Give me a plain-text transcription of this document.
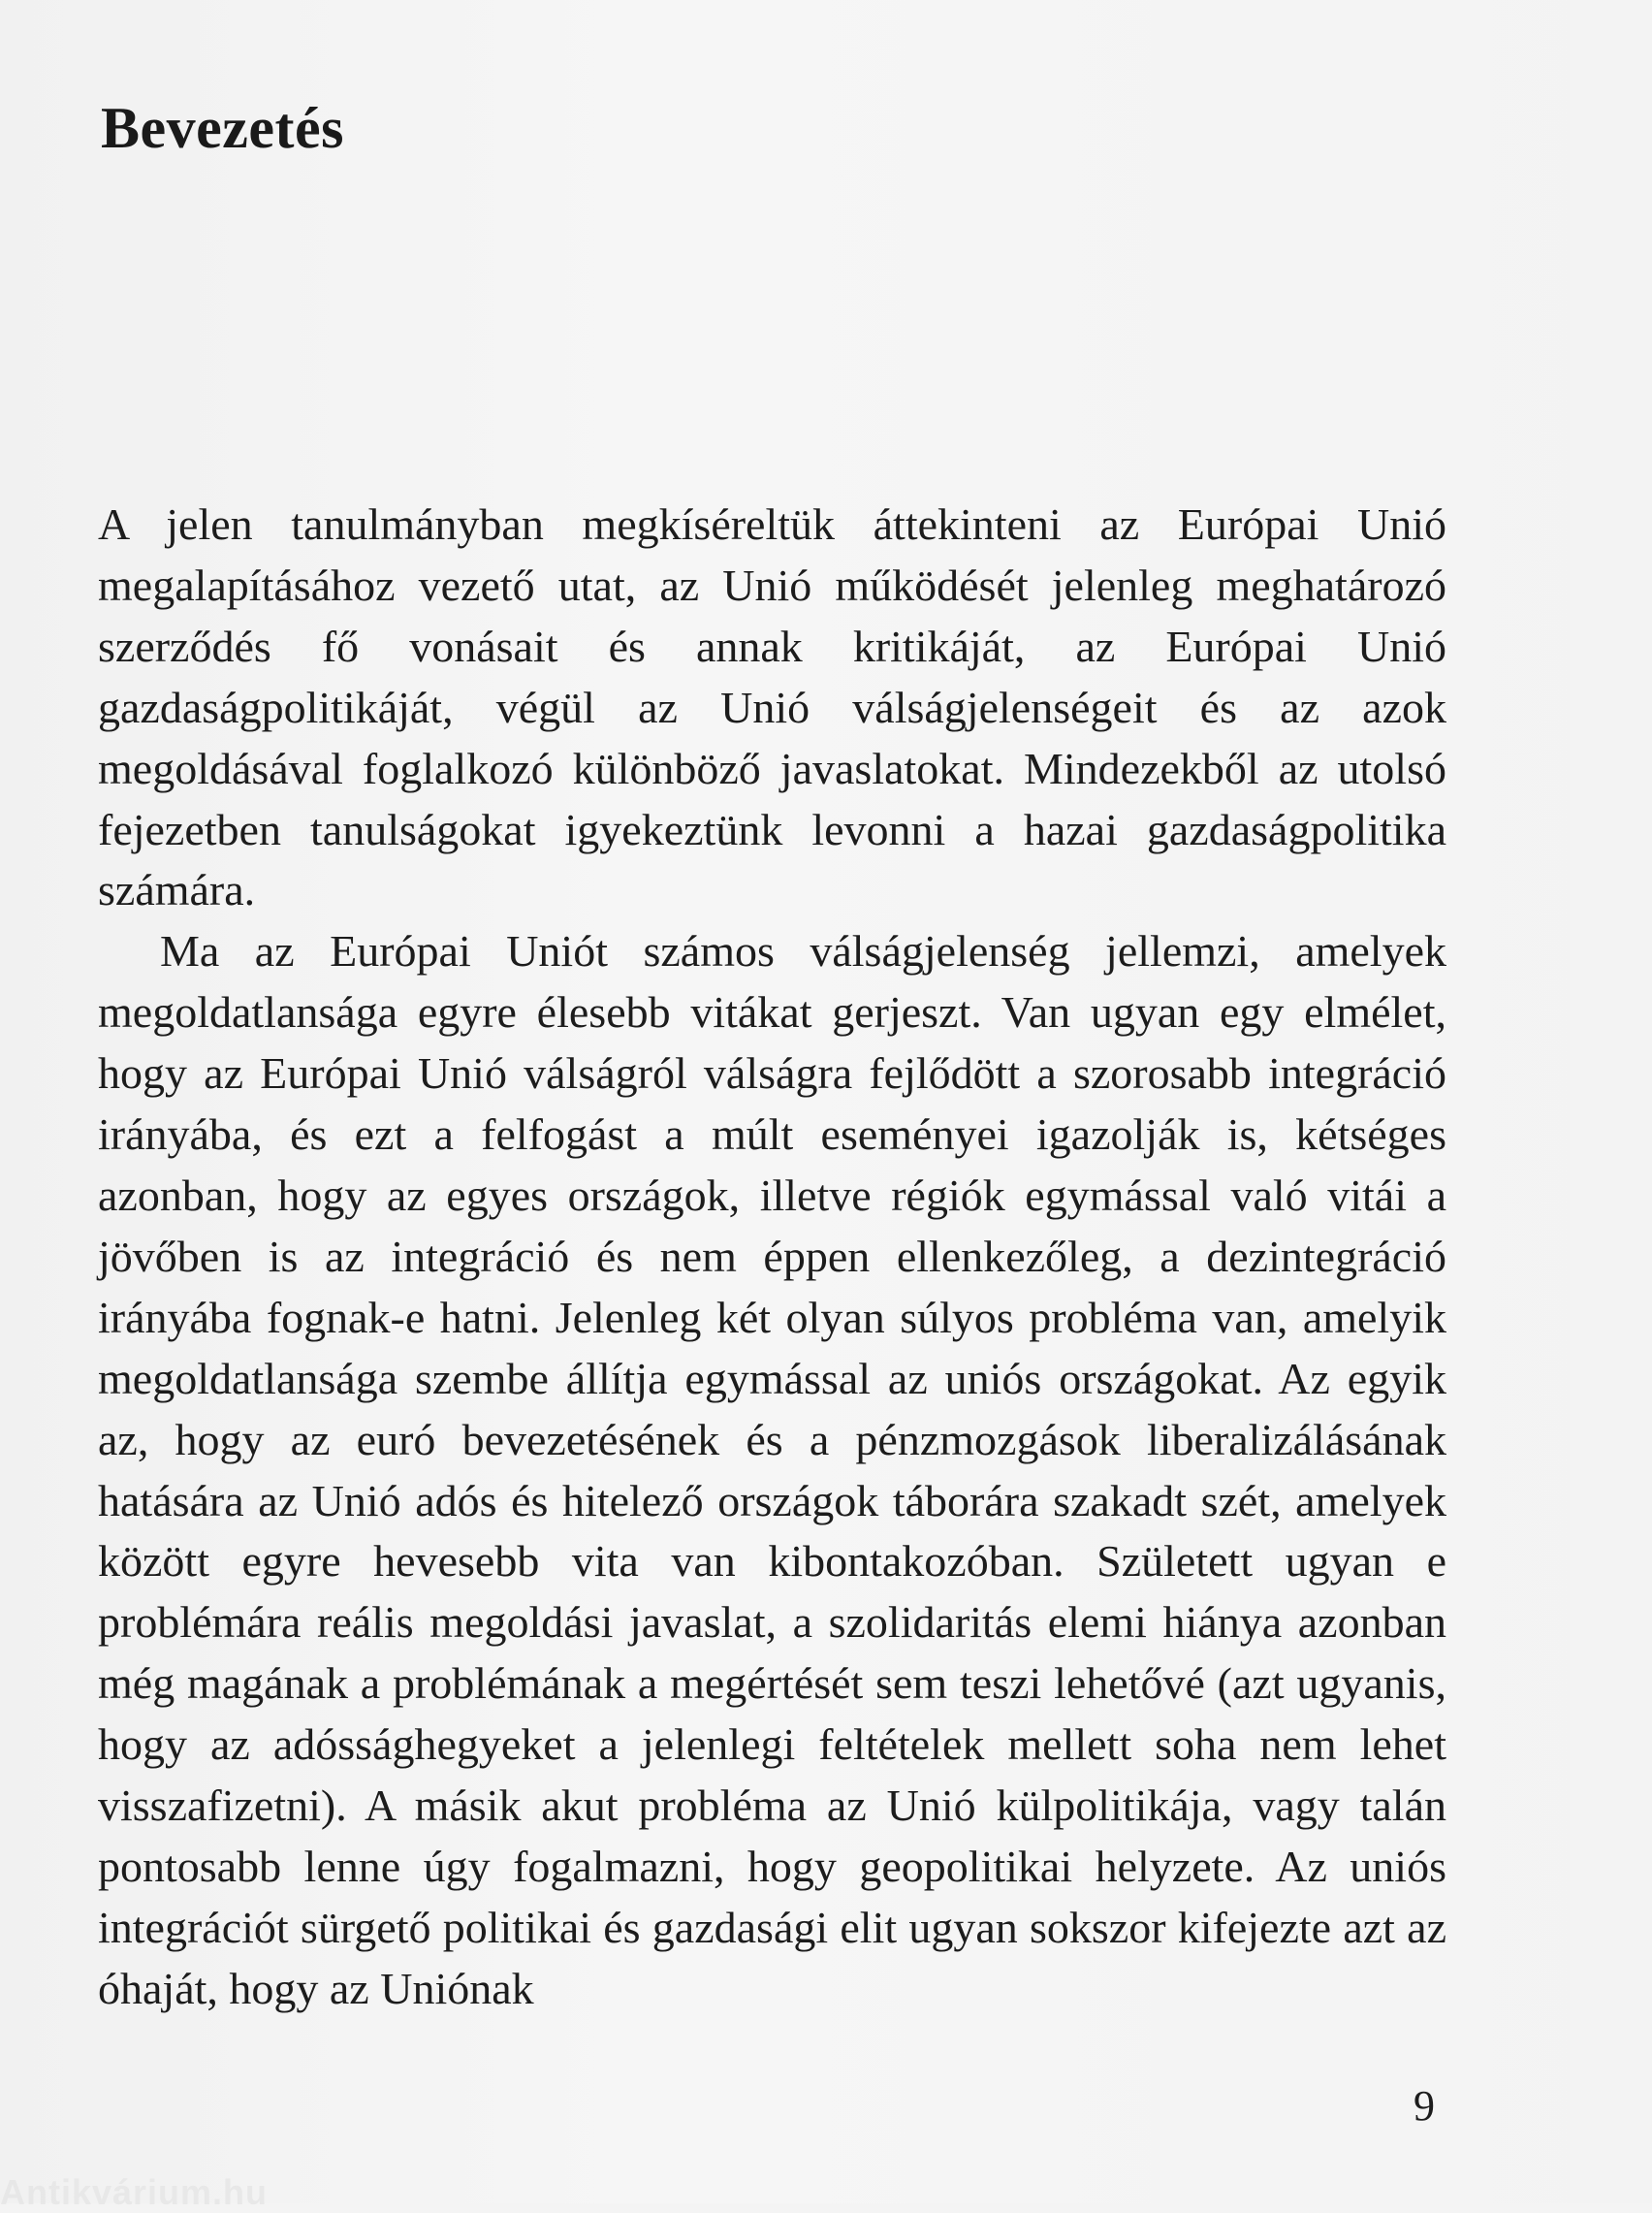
Bevezetés

A jelen tanulmányban megkíséreltük áttekinteni az Európai Unió megalapításához vezető utat, az Unió működését jelenleg meghatározó szerződés fő vonásait és annak kritikáját, az Európai Unió gazdaságpolitikáját, végül az Unió válságjelenségeit és az azok megoldásával foglalkozó különböző javaslatokat. Mindezekből az utolsó fejezetben tanulságokat igyekeztünk levonni a hazai gazdaságpolitika számára.

Ma az Európai Uniót számos válságjelenség jellemzi, amelyek megoldatlansága egyre élesebb vitákat gerjeszt. Van ugyan egy elmélet, hogy az Európai Unió válságról válságra fejlődött a szorosabb integráció irányába, és ezt a felfogást a múlt eseményei igazolják is, kétséges azonban, hogy az egyes országok, illetve régiók egymással való vitái a jövőben is az integráció és nem éppen ellenkezőleg, a dezintegráció irányába fognak-e hatni. Jelenleg két olyan súlyos probléma van, amelyik megoldatlansága szembe állítja egymással az uniós országokat. Az egyik az, hogy az euró bevezetésének és a pénzmozgások liberalizálásának hatására az Unió adós és hitelező országok táborára szakadt szét, amelyek között egyre hevesebb vita van kibontakozóban. Született ugyan e problémára reális megoldási javaslat, a szolidaritás elemi hiánya azonban még magának a problémának a megértését sem teszi lehetővé (azt ugyanis, hogy az adóssághegyeket a jelenlegi feltételek mellett soha nem lehet visszafizetni). A másik akut probléma az Unió külpolitikája, vagy talán pontosabb lenne úgy fogalmazni, hogy geopolitikai helyzete. Az uniós integrációt sürgető politikai és gazdasági elit ugyan sokszor kifejezte azt az óhaját, hogy az Uniónak

9
Antikvárium.hu
